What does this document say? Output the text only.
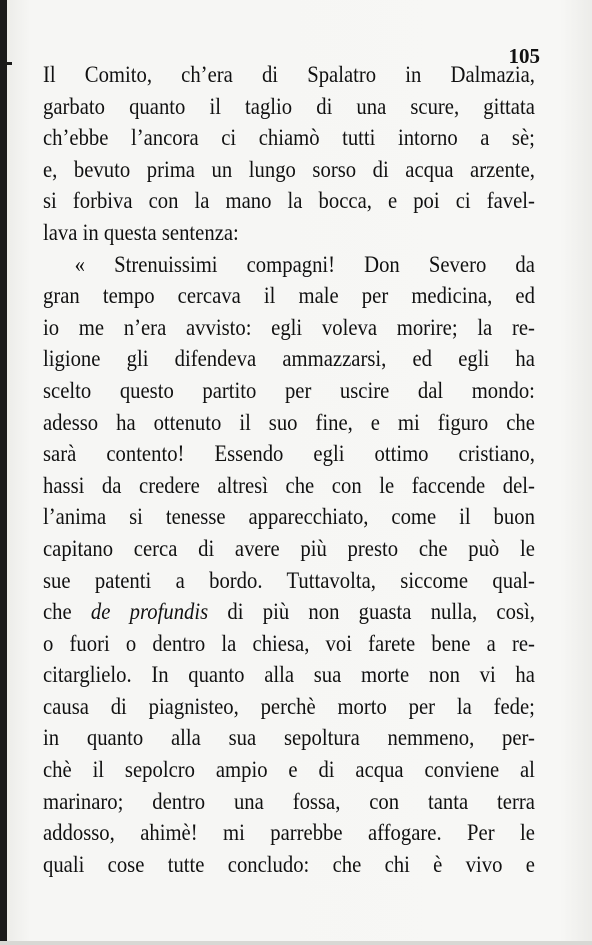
105
Il Comito, ch’era di Spalatro in Dalmazia,
garbato quanto il taglio di una scure, gittata
ch’ebbe l’ancora ci chiamò tutti intorno a sè;
e, bevuto prima un lungo sorso di acqua arzente,
si forbiva con la mano la bocca, e poi ci favel-
lava in questa sentenza:
« Strenuissimi compagni! Don Severo da
gran tempo cercava il male per medicina, ed
io me n’era avvisto: egli voleva morire; la re-
ligione gli difendeva ammazzarsi, ed egli ha
scelto questo partito per uscire dal mondo:
adesso ha ottenuto il suo fine, e mi figuro che
sarà contento! Essendo egli ottimo cristiano,
hassi da credere altresì che con le faccende del-
l’anima si tenesse apparecchiato, come il buon
capitano cerca di avere più presto che può le
sue patenti a bordo. Tuttavolta, siccome qual-
che de profundis di più non guasta nulla, così,
o fuori o dentro la chiesa, voi farete bene a re-
citarglielo. In quanto alla sua morte non vi ha
causa di piagnisteo, perchè morto per la fede;
in quanto alla sua sepoltura nemmeno, per-
chè il sepolcro ampio e di acqua conviene al
marinaro; dentro una fossa, con tanta terra
addosso, ahimè! mi parrebbe affogare. Per le
quali cose tutte concludo: che chi è vivo e
